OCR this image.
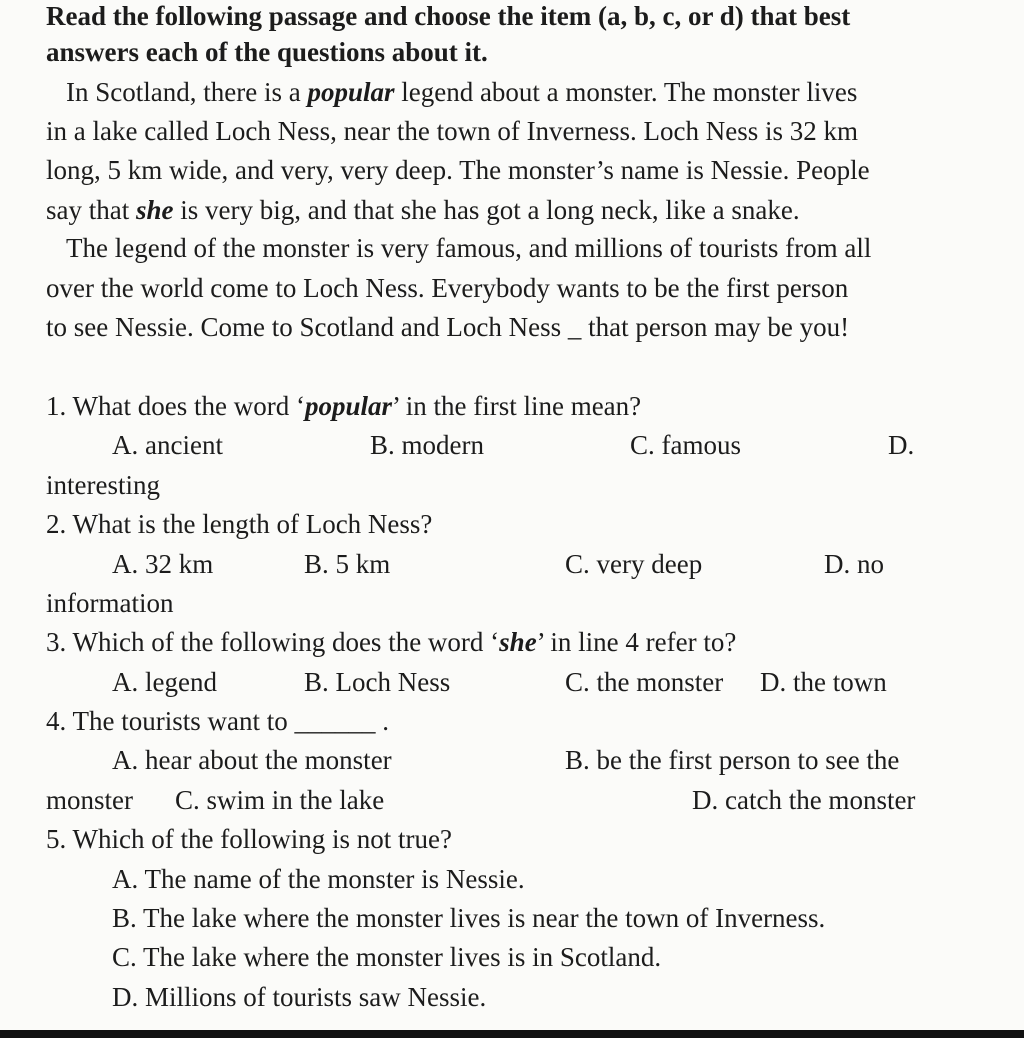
Read the following passage and choose the item (a, b, c, or d) that best
answers each of the questions about it.
In Scotland, there is a popular legend about a monster. The monster lives
in a lake called Loch Ness, near the town of Inverness. Loch Ness is 32 km
long, 5 km wide, and very, very deep. The monster’s name is Nessie. People
say that she is very big, and that she has got a long neck, like a snake.
The legend of the monster is very famous, and millions of tourists from all
over the world come to Loch Ness. Everybody wants to be the first person
to see Nessie. Come to Scotland and Loch Ness _ that person may be you!
1. What does the word ‘popular’ in the first line mean?
A. ancient	B. modern	C. famous	D.
interesting
2. What is the length of Loch Ness?
A. 32 km	B. 5 km	C. very deep	D. no
information
3. Which of the following does the word ‘she’ in line 4 refer to?
A. legend	B. Loch Ness	C. the monster D. the town
4. The tourists want to ______ .
A. hear about the monster	B. be the first person to see the
monster C. swim in the lake	D. catch the monster
5. Which of the following is not true?
A. The name of the monster is Nessie.
B. The lake where the monster lives is near the town of Inverness.
C. The lake where the monster lives is in Scotland.
D. Millions of tourists saw Nessie.
